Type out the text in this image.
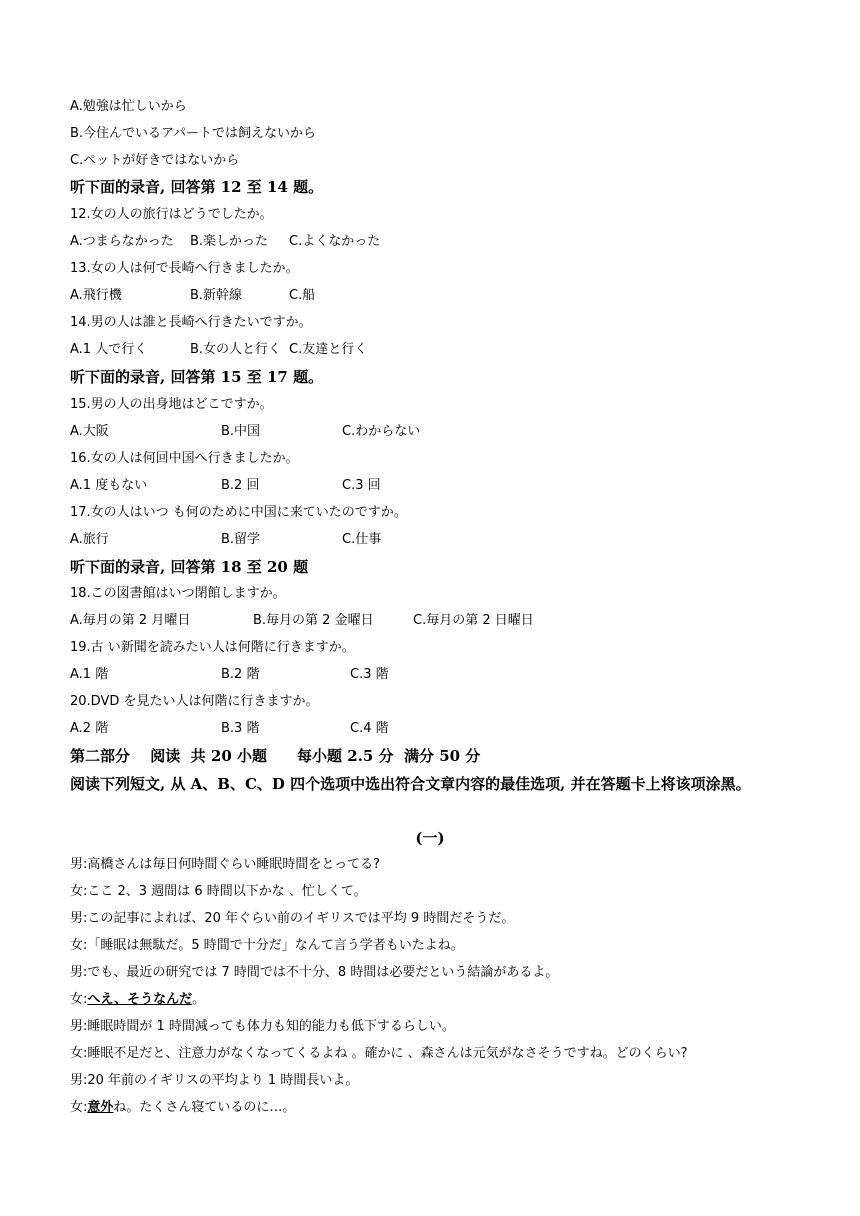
A.勉強は忙しいから
B.今住んでいるアパートでは飼えないから
C.ペットが好きではないから
听下面的录音, 回答第 12 至 14 题。
12.女の人の旅行はどうでしたか。
A.つまらなかった B.楽しかった C.よくなかった
13.女の人は何で長崎へ行きましたか。
A.飛行機	B.新幹線	C.船
14.男の人は誰と長崎へ行きたいですか。
A.1 人で行く	B.女の人と行く C.友達と行く
听下面的录音, 回答第 15 至 17 题。
15.男の人の出身地はどこですか。
A.大阪	B.中国	C.わからない
16.女の人は何回中国へ行きましたか。
A.1 度もない	B.2 回	C.3 回
17.女の人はいつ も何のために中国に来ていたのですか。
A.旅行	B.留学	C.仕事
听下面的录音, 回答第 18 至 20 题
18.この図書館はいつ閉館しますか。
A.毎月の第 2 月曜日	B.毎月の第 2 金曜日	C.毎月の第 2 日曜日
19.古 い新聞を読みたい人は何階に行きますか。
A.1 階	B.2 階	C.3 階
20.DVD を見たい人は何階に行きますか。
A.2 階	B.3 階	C.4 階
第二部分　 阅读  共 20 小题　　每小题 2.5 分  满分 50 分
阅读下列短文, 从 A、B、C、D 四个选项中选出符合文章内容的最佳选项, 并在答题卡上将该项涂黑。
(一)
男:高橋さんは毎日何時間ぐらい睡眠時間をとってる?
女:ここ 2、3 週間は 6 時間以下かな 、忙しくて。
男:この記事によれば、20 年ぐらい前のイギリスでは平均 9 時間だそうだ。
女:「睡眠は無駄だ。5 時間で十分だ」なんて言う学者もいたよね。
男:でも、最近の研究では 7 時間では不十分、8 時間は必要だという結論があるよ。
女:へえ、そうなんだ。
男:睡眠時間が 1 時間減っても体力も知的能力も低下するらしい。
女:睡眠不足だと、注意力がなくなってくるよね 。確かに 、森さんは元気がなさそうですね。どのくらい?
男:20 年前のイギリスの平均より 1 時間長いよ。
女:意外ね。たくさん寝ているのに…。
